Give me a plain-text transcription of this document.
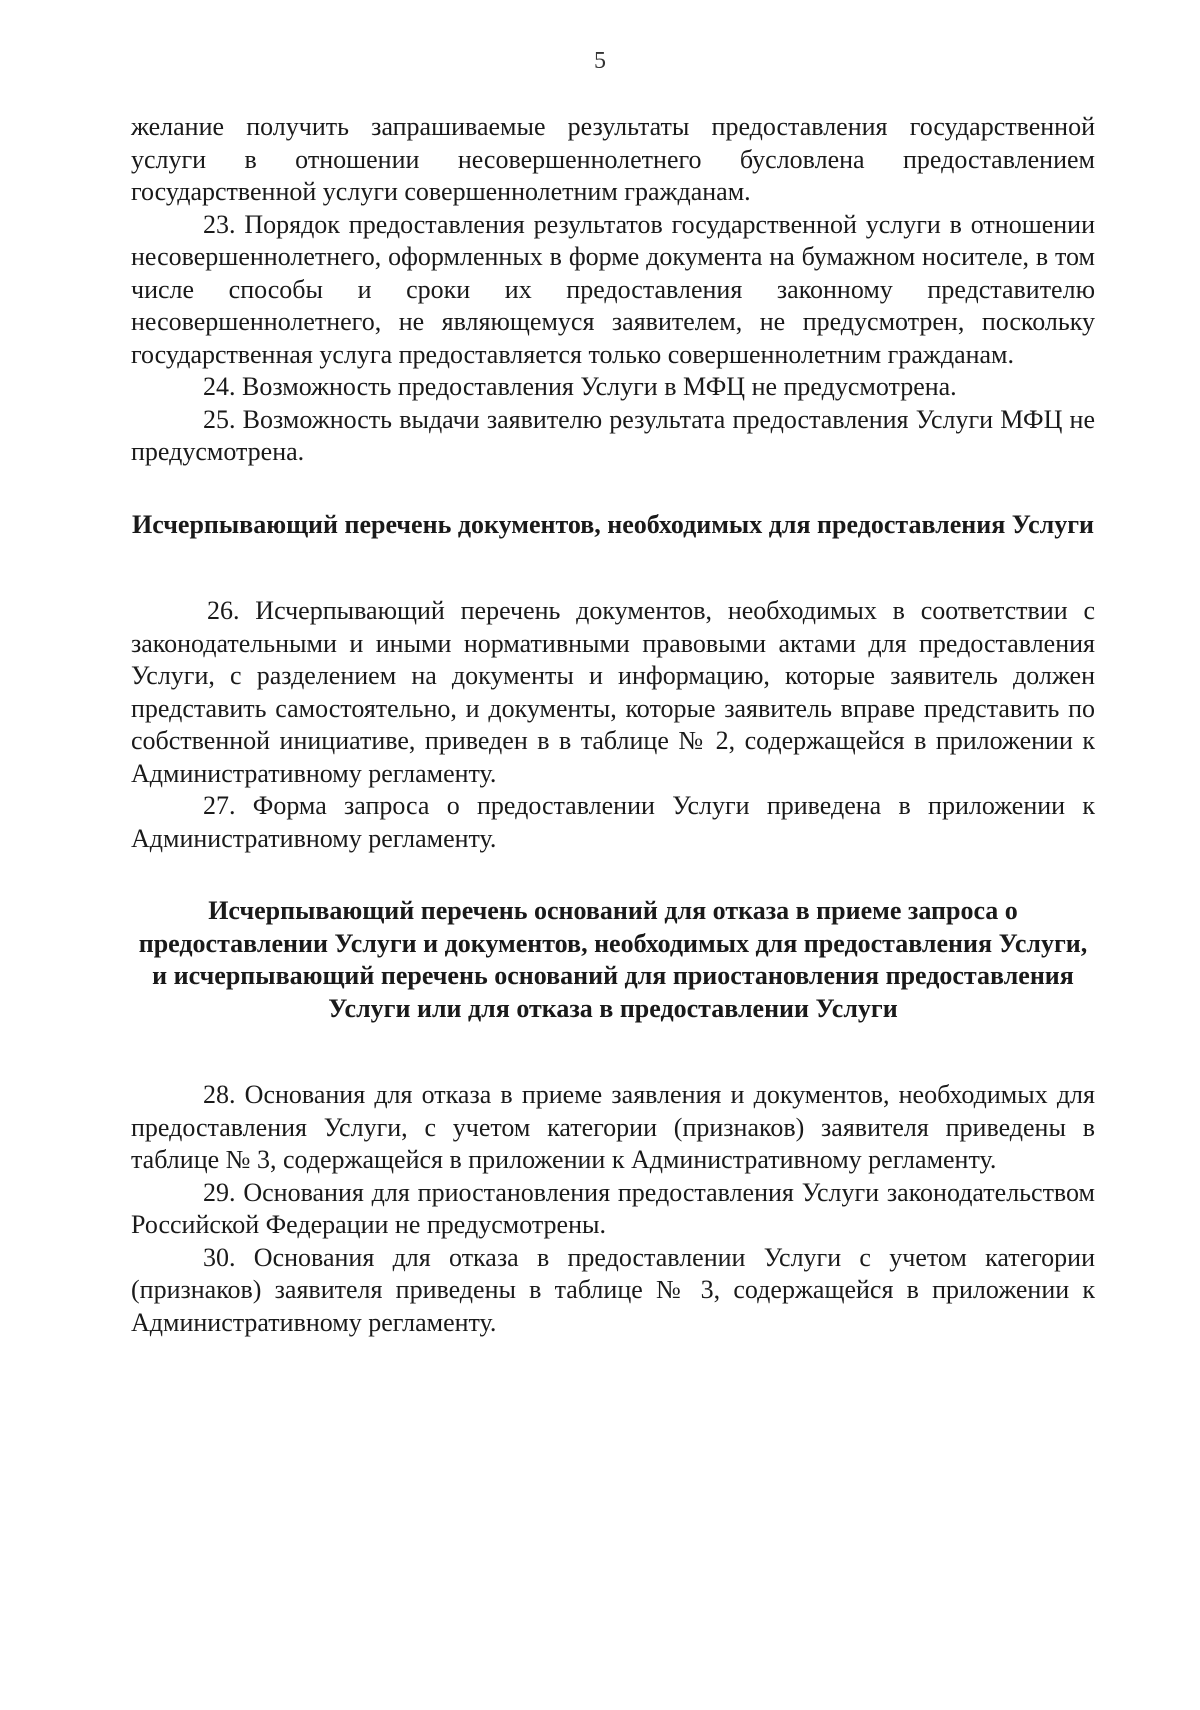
5

желание получить запрашиваемые результаты предоставления государственной услуги в отношении несовершеннолетнего бусловлена предоставлением государственной услуги совершеннолетним гражданам.

23. Порядок предоставления результатов государственной услуги в отношении несовершеннолетнего, оформленных в форме документа на бумажном носителе, в том числе способы и сроки их предоставления законному представителю несовершеннолетнего, не являющемуся заявителем, не предусмотрен, поскольку государственная услуга предоставляется только совершеннолетним гражданам.

24. Возможность предоставления Услуги в МФЦ не предусмотрена.

25. Возможность выдачи заявителю результата предоставления Услуги МФЦ не предусмотрена.

Исчерпывающий перечень документов, необходимых для предоставления Услуги

26. Исчерпывающий перечень документов, необходимых в соответствии с законодательными и иными нормативными правовыми актами для предоставления Услуги, с разделением на документы и информацию, которые заявитель должен представить самостоятельно, и документы, которые заявитель вправе представить по собственной инициативе, приведен в в таблице № 2, содержащейся в приложении к Административному регламенту.

27. Форма запроса о предоставлении Услуги приведена в приложении к Административному регламенту.

Исчерпывающий перечень оснований для отказа в приеме запроса о предоставлении Услуги и документов, необходимых для предоставления Услуги, и исчерпывающий перечень оснований для приостановления предоставления Услуги или для отказа в предоставлении Услуги

28. Основания для отказа в приеме заявления и документов, необходимых для предоставления Услуги, с учетом категории (признаков) заявителя приведены в таблице № 3, содержащейся в приложении к Административному регламенту.

29. Основания для приостановления предоставления Услуги законодательством Российской Федерации не предусмотрены.

30. Основания для отказа в предоставлении Услуги с учетом категории (признаков) заявителя приведены в таблице № 3, содержащейся в приложении к Административному регламенту.
